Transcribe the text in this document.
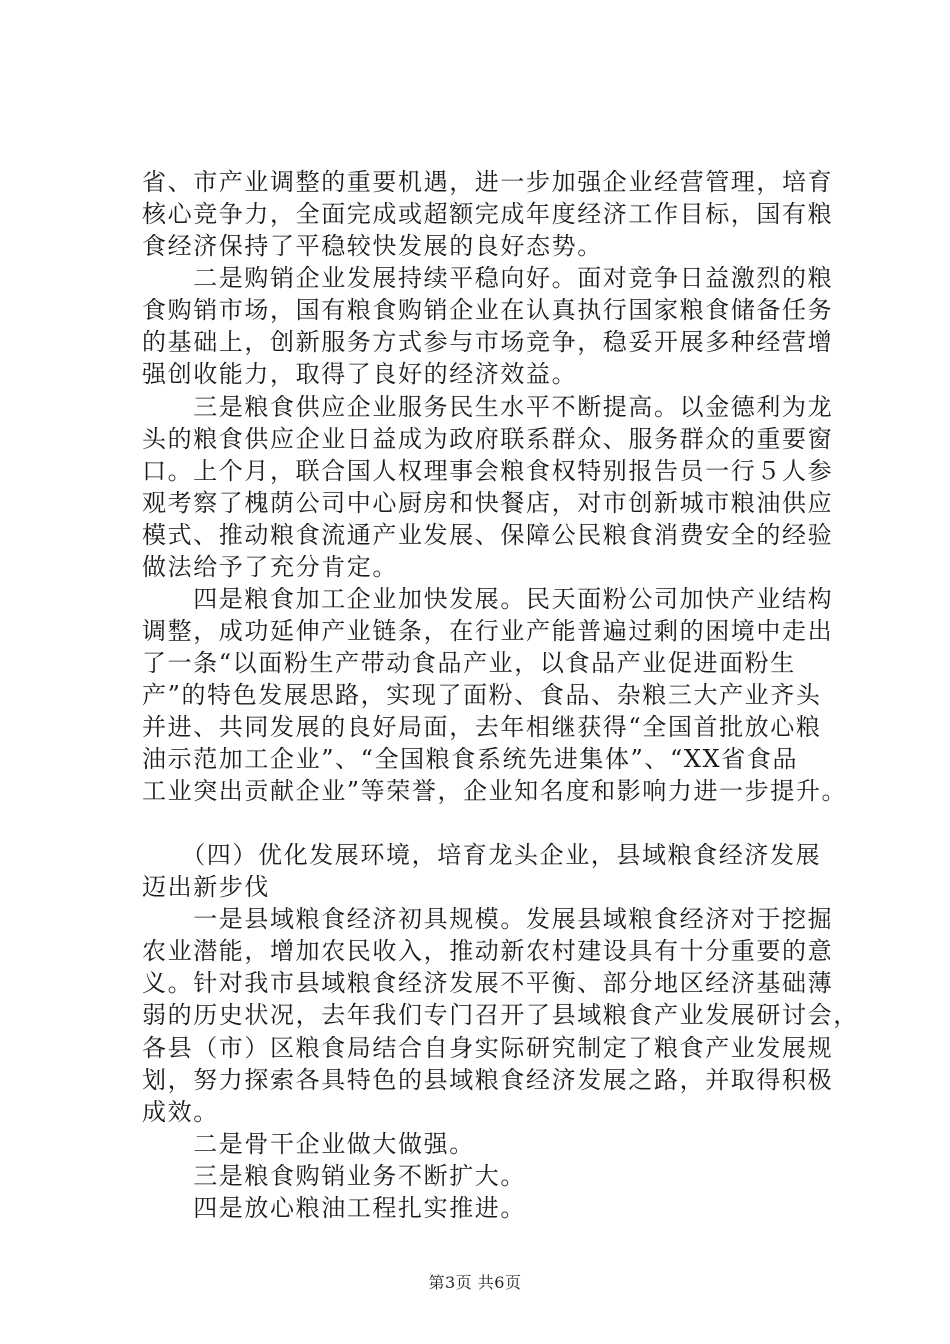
省、市产业调整的重要机遇，进一步加强企业经营管理，培育
核心竞争力，全面完成或超额完成年度经济工作目标，国有粮
食经济保持了平稳较快发展的良好态势。
　　二是购销企业发展持续平稳向好。面对竞争日益激烈的粮
食购销市场，国有粮食购销企业在认真执行国家粮食储备任务
的基础上，创新服务方式参与市场竞争，稳妥开展多种经营增
强创收能力，取得了良好的经济效益。
　　三是粮食供应企业服务民生水平不断提高。以金德利为龙
头的粮食供应企业日益成为政府联系群众、服务群众的重要窗
口。上个月，联合国人权理事会粮食权特别报告员一行５人参
观考察了槐荫公司中心厨房和快餐店，对市创新城市粮油供应
模式、推动粮食流通产业发展、保障公民粮食消费安全的经验
做法给予了充分肯定。
　　四是粮食加工企业加快发展。民天面粉公司加快产业结构
调整，成功延伸产业链条，在行业产能普遍过剩的困境中走出
了一条“以面粉生产带动食品产业，以食品产业促进面粉生
产”的特色发展思路，实现了面粉、食品、杂粮三大产业齐头
并进、共同发展的良好局面，去年相继获得“全国首批放心粮
油示范加工企业”、“全国粮食系统先进集体”、“XX省食品
工业突出贡献企业”等荣誉，企业知名度和影响力进一步提升。
　　（四）优化发展环境，培育龙头企业，县域粮食经济发展
迈出新步伐
　　一是县域粮食经济初具规模。发展县域粮食经济对于挖掘
农业潜能，增加农民收入，推动新农村建设具有十分重要的意
义。针对我市县域粮食经济发展不平衡、部分地区经济基础薄
弱的历史状况，去年我们专门召开了县域粮食产业发展研讨会，
各县（市）区粮食局结合自身实际研究制定了粮食产业发展规
划，努力探索各具特色的县域粮食经济发展之路，并取得积极
成效。
　　二是骨干企业做大做强。
　　三是粮食购销业务不断扩大。
　　四是放心粮油工程扎实推进。
第3页 共6页
